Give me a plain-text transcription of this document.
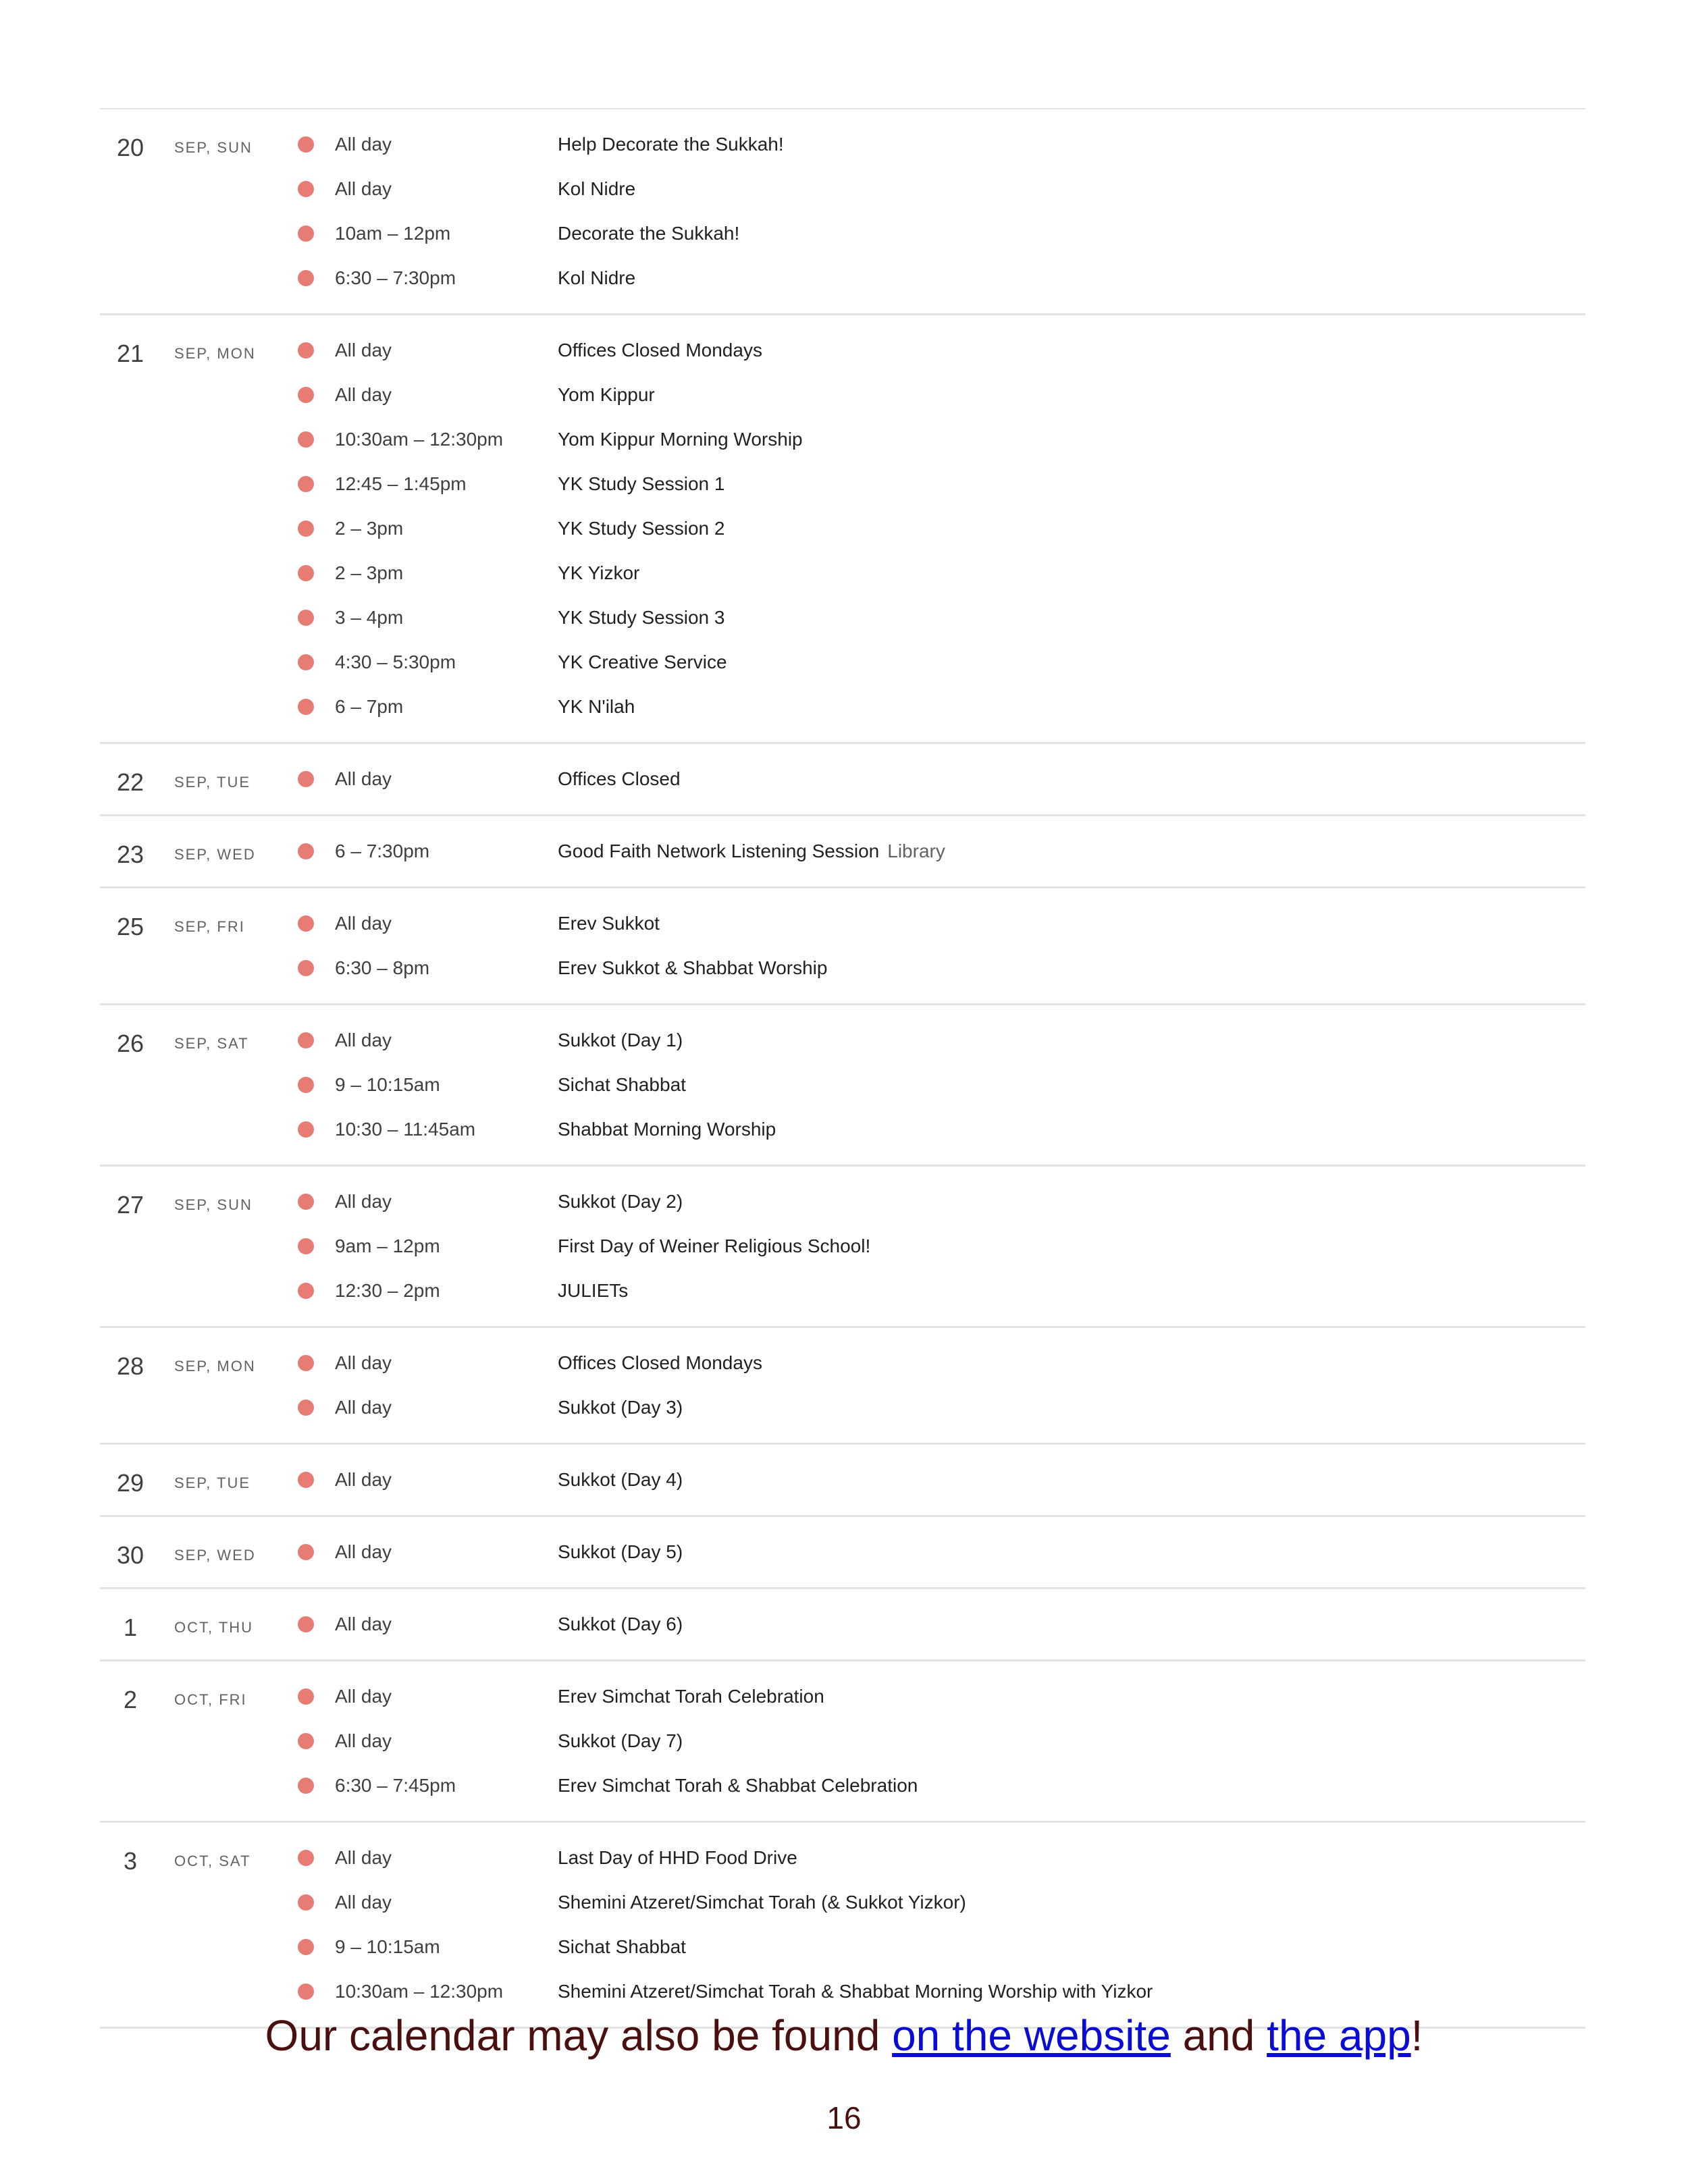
20	SEP, SUN	All day	Help Decorate the Sukkah!
All day	Kol Nidre
10am – 12pm	Decorate the Sukkah!
6:30 – 7:30pm	Kol Nidre
21	SEP, MON	All day	Offices Closed Mondays
All day	Yom Kippur
10:30am – 12:30pm	Yom Kippur Morning Worship
12:45 – 1:45pm	YK Study Session 1
2 – 3pm	YK Study Session 2
2 – 3pm	YK Yizkor
3 – 4pm	YK Study Session 3
4:30 – 5:30pm	YK Creative Service
6 – 7pm	YK N'ilah
22	SEP, TUE	All day	Offices Closed
23	SEP, WED	6 – 7:30pm	Good Faith Network Listening Session Library
25	SEP, FRI	All day	Erev Sukkot
6:30 – 8pm	Erev Sukkot & Shabbat Worship
26	SEP, SAT	All day	Sukkot (Day 1)
9 – 10:15am	Sichat Shabbat
10:30 – 11:45am	Shabbat Morning Worship
27	SEP, SUN	All day	Sukkot (Day 2)
9am – 12pm	First Day of Weiner Religious School!
12:30 – 2pm	JULIETs
28	SEP, MON	All day	Offices Closed Mondays
All day	Sukkot (Day 3)
29	SEP, TUE	All day	Sukkot (Day 4)
30	SEP, WED	All day	Sukkot (Day 5)
1	OCT, THU	All day	Sukkot (Day 6)
2	OCT, FRI	All day	Erev Simchat Torah Celebration
All day	Sukkot (Day 7)
6:30 – 7:45pm	Erev Simchat Torah & Shabbat Celebration
3	OCT, SAT	All day	Last Day of HHD Food Drive
All day	Shemini Atzeret/Simchat Torah (& Sukkot Yizkor)
9 – 10:15am	Sichat Shabbat
10:30am – 12:30pm	Shemini Atzeret/Simchat Torah & Shabbat Morning Worship with Yizkor
Our calendar may also be found on the website and the app!
16
